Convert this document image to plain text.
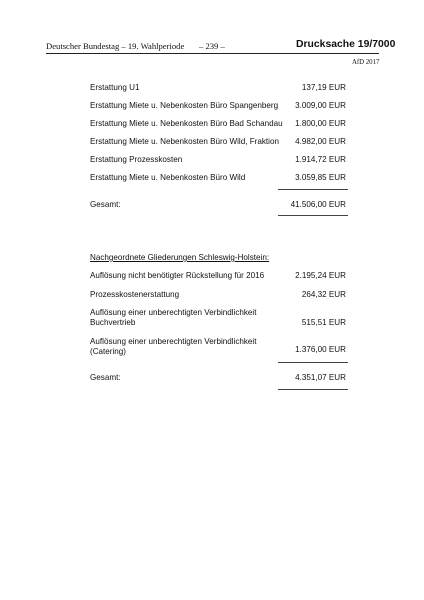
Deutscher Bundestag – 19. Wahlperiode – 239 –	Drucksache 19/7000
AfD 2017
Erstattung U1	137,19 EUR
Erstattung Miete u. Nebenkosten Büro Spangenberg	3.009,00 EUR
Erstattung Miete u. Nebenkosten Büro Bad Schandau	1.800,00 EUR
Erstattung Miete u. Nebenkosten Büro Wild, Fraktion	4.982,00 EUR
Erstattung Prozesskosten	1.914,72 EUR
Erstattung Miete u. Nebenkosten Büro Wild	3.059,85 EUR
Gesamt:	41.506,00 EUR
Nachgeordnete Gliederungen Schleswig-Holstein:
Auflösung nicht benötigter Rückstellung für 2016	2.195,24 EUR
Prozesskostenerstattung	264,32 EUR
Auflösung einer unberechtigten Verbindlichkeit Buchvertrieb	515,51 EUR
Auflösung einer unberechtigten Verbindlichkeit (Catering)	1.376,00 EUR
Gesamt:	4.351,07 EUR
